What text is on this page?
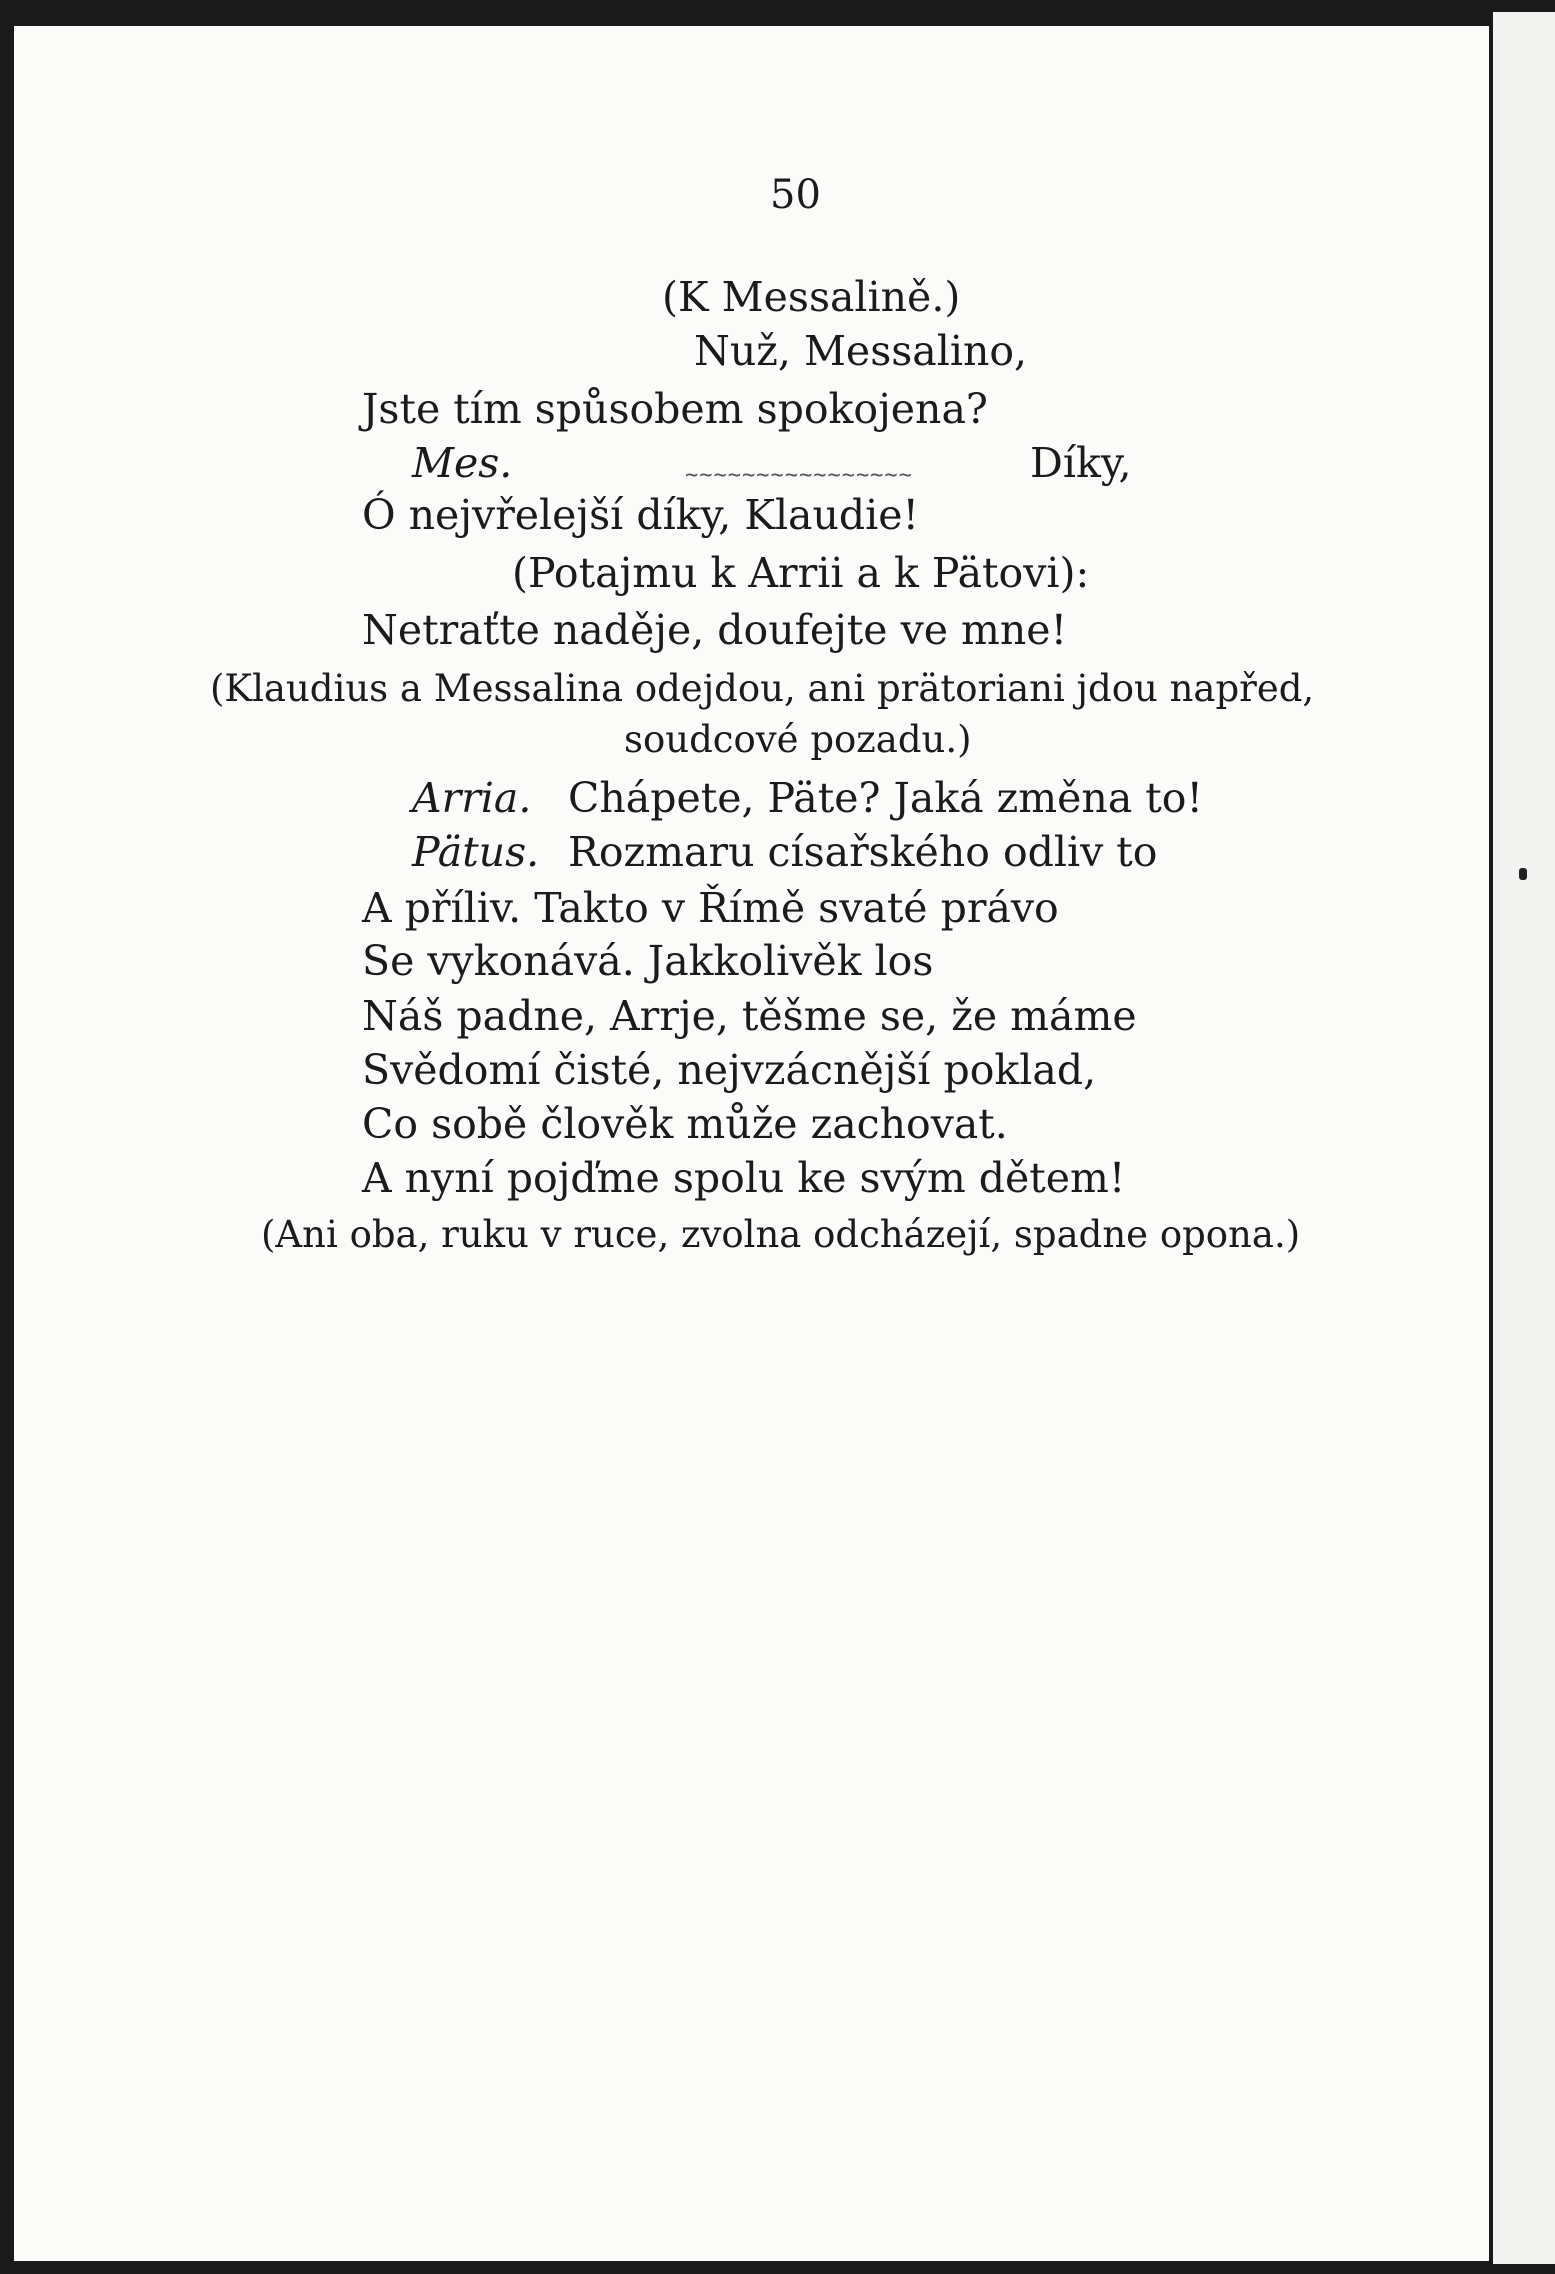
50
(K Messalině.)
Nuž, Messalino,
Jste tím spůsobem spokojena?
Mes.	Díky,
Ó nejvřelejší díky, Klaudie!
(Potajmu k Arrii a k Pätovi):
Netraťte naděje, doufejte ve mne!
(Klaudius a Messalina odejdou, ani prätoriani jdou napřed,
soudcové pozadu.)
Arria. Chápete, Päte? Jaká změna to!
Pätus. Rozmaru císařského odliv to
A příliv. Takto v Římě svaté právo
Se vykonává. Jakkolivěk los
Náš padne, Arrje, těšme se, že máme
Svědomí čisté, nejvzácnější poklad,
Co sobě člověk může zachovat.
A nyní pojďme spolu ke svým dětem!
(Ani oba, ruku v ruce, zvolna odcházejí, spadne opona.)
~~~~~~~~~~~~~~~~
